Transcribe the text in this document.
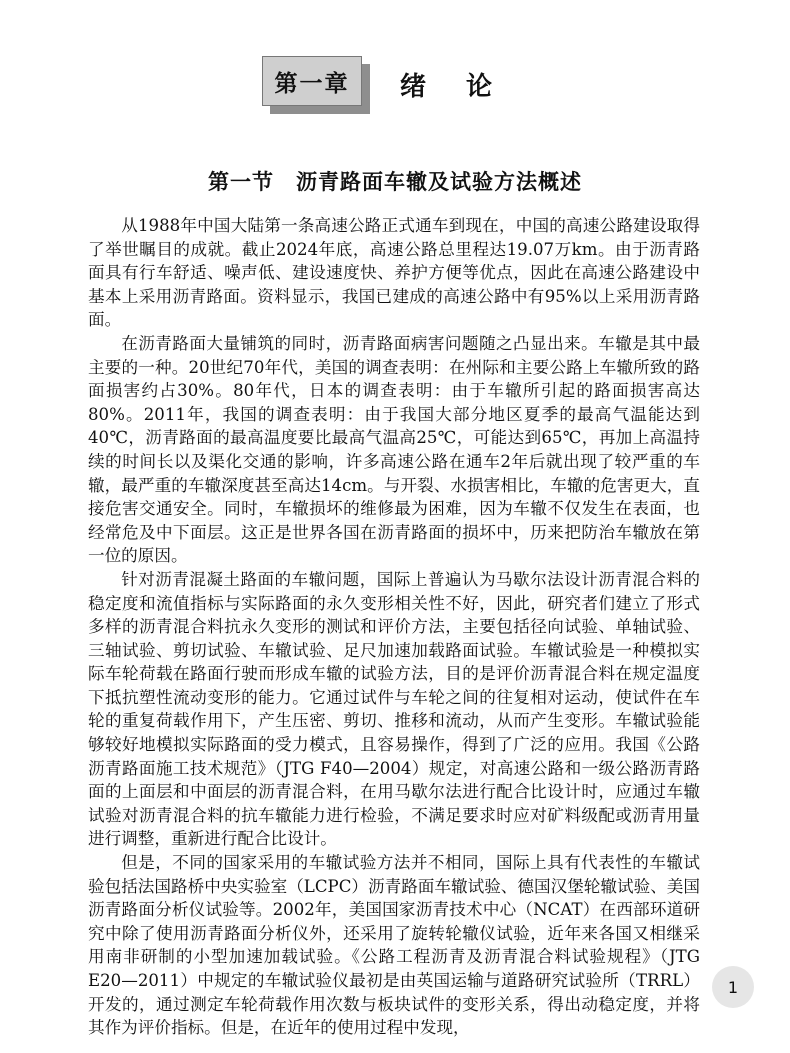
第一章	绪论
第一节　沥青路面车辙及试验方法概述

从1988年中国大陆第一条高速公路正式通车到现在，中国的高速公路建设取得了举世瞩目的成就。截止2024年底，高速公路总里程达19.07万km。由于沥青路面具有行车舒适、噪声低、建设速度快、养护方便等优点，因此在高速公路建设中基本上采用沥青路面。资料显示，我国已建成的高速公路中有95%以上采用沥青路面。

在沥青路面大量铺筑的同时，沥青路面病害问题随之凸显出来。车辙是其中最主要的一种。20世纪70年代，美国的调查表明：在州际和主要公路上车辙所致的路面损害约占30%。80年代，日本的调查表明：由于车辙所引起的路面损害高达80%。2011年，我国的调查表明：由于我国大部分地区夏季的最高气温能达到40℃，沥青路面的最高温度要比最高气温高25℃，可能达到65℃，再加上高温持续的时间长以及渠化交通的影响，许多高速公路在通车2年后就出现了较严重的车辙，最严重的车辙深度甚至高达14cm。与开裂、水损害相比，车辙的危害更大，直接危害交通安全。同时，车辙损坏的维修最为困难，因为车辙不仅发生在表面，也经常危及中下面层。这正是世界各国在沥青路面的损坏中，历来把防治车辙放在第一位的原因。

针对沥青混凝土路面的车辙问题，国际上普遍认为马歇尔法设计沥青混合料的稳定度和流值指标与实际路面的永久变形相关性不好，因此，研究者们建立了形式多样的沥青混合料抗永久变形的测试和评价方法，主要包括径向试验、单轴试验、三轴试验、剪切试验、车辙试验、足尺加速加载路面试验。车辙试验是一种模拟实际车轮荷载在路面行驶而形成车辙的试验方法，目的是评价沥青混合料在规定温度下抵抗塑性流动变形的能力。它通过试件与车轮之间的往复相对运动，使试件在车轮的重复荷载作用下，产生压密、剪切、推移和流动，从而产生变形。车辙试验能够较好地模拟实际路面的受力模式，且容易操作，得到了广泛的应用。我国《公路沥青路面施工技术规范》（JTG F40—2004）规定，对高速公路和一级公路沥青路面的上面层和中面层的沥青混合料，在用马歇尔法进行配合比设计时，应通过车辙试验对沥青混合料的抗车辙能力进行检验，不满足要求时应对矿料级配或沥青用量进行调整，重新进行配合比设计。

但是，不同的国家采用的车辙试验方法并不相同，国际上具有代表性的车辙试验包括法国路桥中央实验室（LCPC）沥青路面车辙试验、德国汉堡轮辙试验、美国沥青路面分析仪试验等。2002年，美国国家沥青技术中心（NCAT）在西部环道研究中除了使用沥青路面分析仪外，还采用了旋转轮辙仪试验，近年来各国又相继采用南非研制的小型加速加载试验。《公路工程沥青及沥青混合料试验规程》（JTG E20—2011）中规定的车辙试验仪最初是由英国运输与道路研究试验所（TRRL）开发的，通过测定车轮荷载作用次数与板块试件的变形关系，得出动稳定度，并将其作为评价指标。但是，在近年的使用过程中发现，

1
